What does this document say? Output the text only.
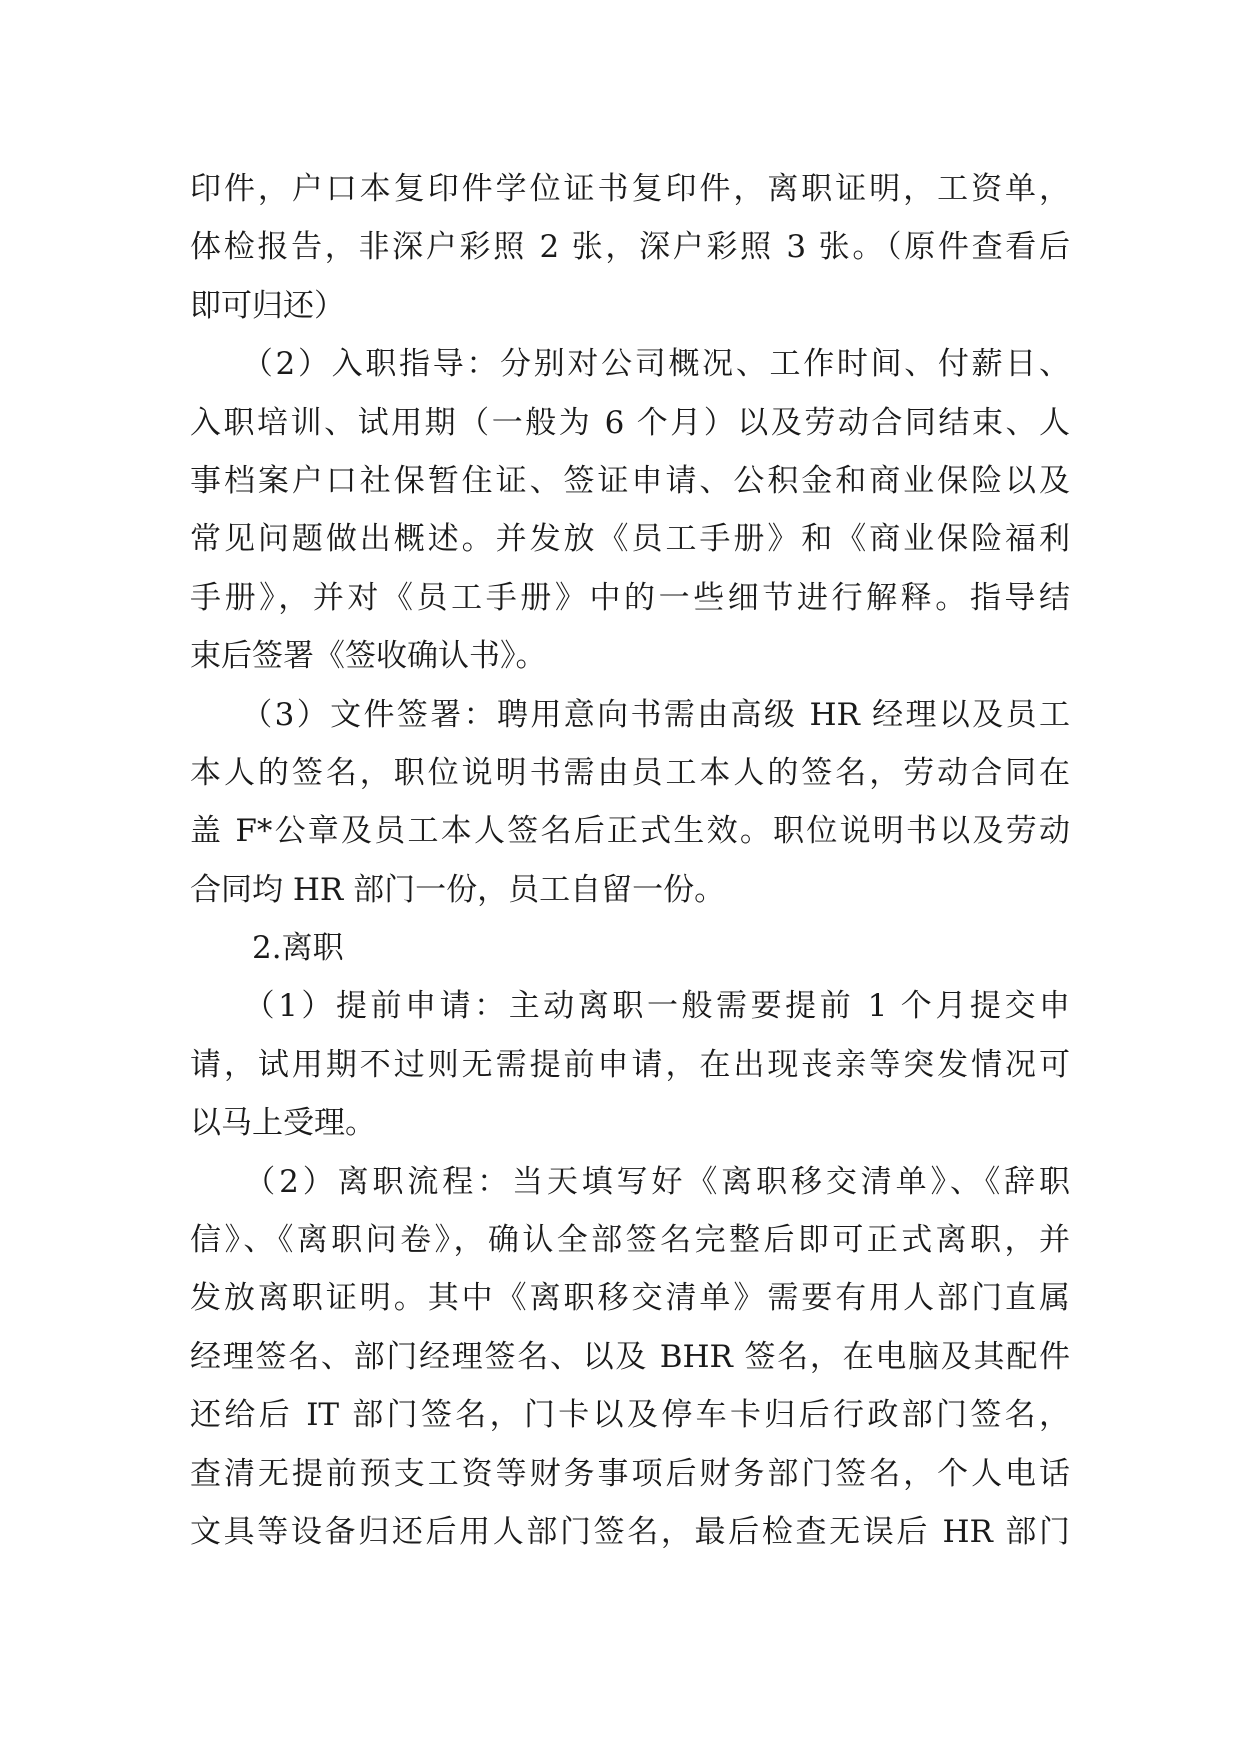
印件，户口本复印件学位证书复印件，离职证明，工资单，
体检报告，非深户彩照 2 张，深户彩照 3 张。（原件查看后
即可归还）
　　（2）入职指导：分别对公司概况、工作时间、付薪日、
入职培训、试用期（一般为 6 个月）以及劳动合同结束、人
事档案户口社保暂住证、签证申请、公积金和商业保险以及
常见问题做出概述。并发放《员工手册》和《商业保险福利
手册》，并对《员工手册》中的一些细节进行解释。指导结
束后签署《签收确认书》。
　　（3）文件签署：聘用意向书需由高级 HR 经理以及员工
本人的签名，职位说明书需由员工本人的签名，劳动合同在
盖 F*公章及员工本人签名后正式生效。职位说明书以及劳动
合同均 HR 部门一份，员工自留一份。
　　2.离职
　　（1）提前申请：主动离职一般需要提前 1 个月提交申
请，试用期不过则无需提前申请，在出现丧亲等突发情况可
以马上受理。
　　（2）离职流程：当天填写好《离职移交清单》、《辞职
信》、《离职问卷》，确认全部签名完整后即可正式离职，并
发放离职证明。其中《离职移交清单》需要有用人部门直属
经理签名、部门经理签名、以及 BHR 签名，在电脑及其配件
还给后 IT 部门签名，门卡以及停车卡归后行政部门签名，
查清无提前预支工资等财务事项后财务部门签名，个人电话
文具等设备归还后用人部门签名，最后检查无误后 HR 部门
